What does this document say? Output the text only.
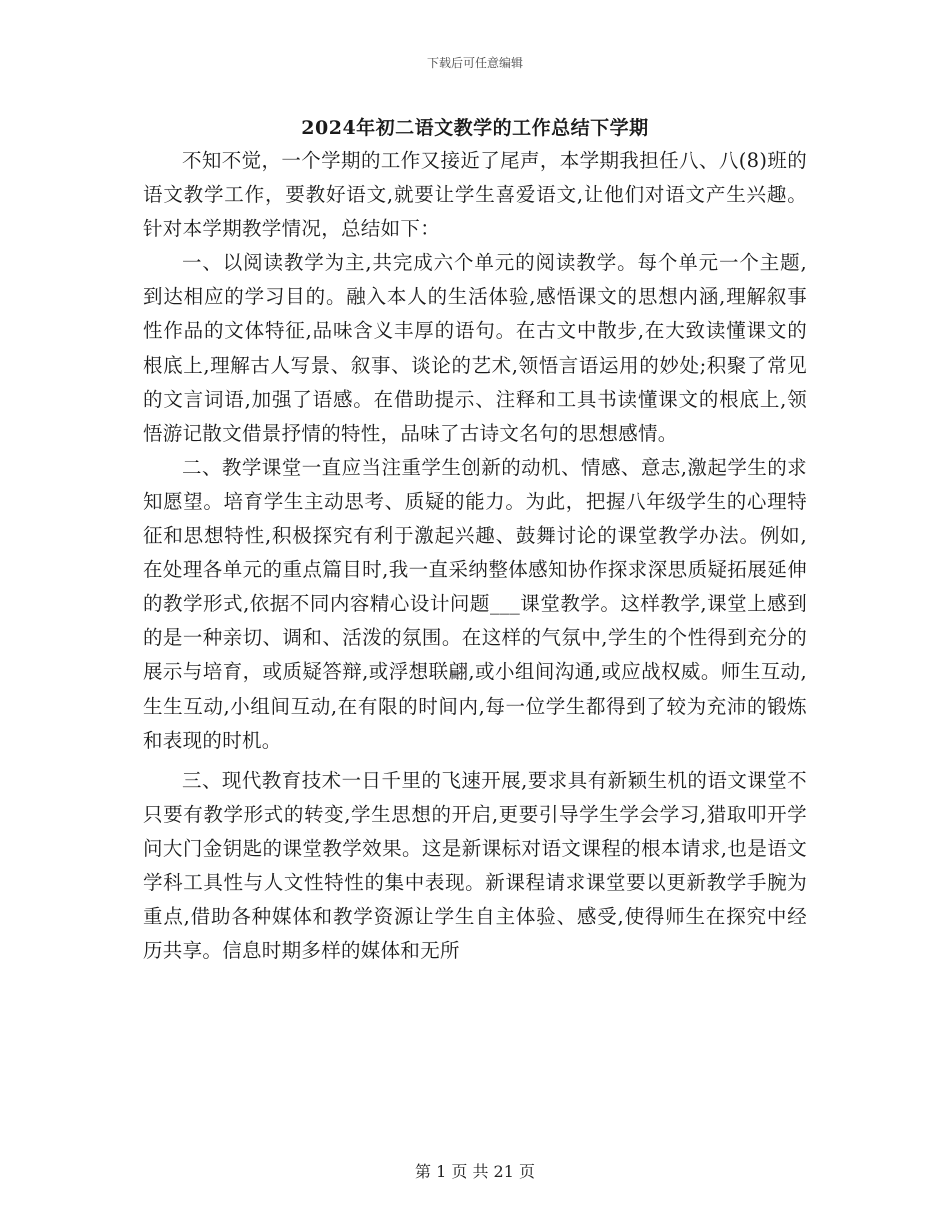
下载后可任意编辑
2024年初二语文教学的工作总结下学期

不知不觉，一个学期的工作又接近了尾声，本学期我担任八、八(8)班的语文教学工作，要教好语文,就要让学生喜爱语文,让他们对语文产生兴趣。针对本学期教学情况，总结如下：

一、以阅读教学为主,共完成六个单元的阅读教学。每个单元一个主题,到达相应的学习目的。融入本人的生活体验,感悟课文的思想内涵,理解叙事性作品的文体特征,品味含义丰厚的语句。在古文中散步,在大致读懂课文的根底上,理解古人写景、叙事、谈论的艺术,领悟言语运用的妙处;积聚了常见的文言词语,加强了语感。在借助提示、注释和工具书读懂课文的根底上,领悟游记散文借景抒情的特性，品味了古诗文名句的思想感情。

二、教学课堂一直应当注重学生创新的动机、情感、意志,激起学生的求知愿望。培育学生主动思考、质疑的能力。为此，把握八年级学生的心理特征和思想特性,积极探究有利于激起兴趣、鼓舞讨论的课堂教学办法。例如,在处理各单元的重点篇目时,我一直采纳整体感知协作探求深思质疑拓展延伸的教学形式,依据不同内容精心设计问题___课堂教学。这样教学,课堂上感到的是一种亲切、调和、活泼的氛围。在这样的气氛中,学生的个性得到充分的展示与培育，或质疑答辩,或浮想联翩,或小组间沟通,或应战权威。师生互动,生生互动,小组间互动,在有限的时间内,每一位学生都得到了较为充沛的锻炼和表现的时机。

三、现代教育技术一日千里的飞速开展,要求具有新颖生机的语文课堂不只要有教学形式的转变,学生思想的开启,更要引导学生学会学习,猎取叩开学问大门金钥匙的课堂教学效果。这是新课标对语文课程的根本请求,也是语文学科工具性与人文性特性的集中表现。新课程请求课堂要以更新教学手腕为重点,借助各种媒体和教学资源让学生自主体验、感受,使得师生在探究中经历共享。信息时期多样的媒体和无所

第 1 页 共 21 页
